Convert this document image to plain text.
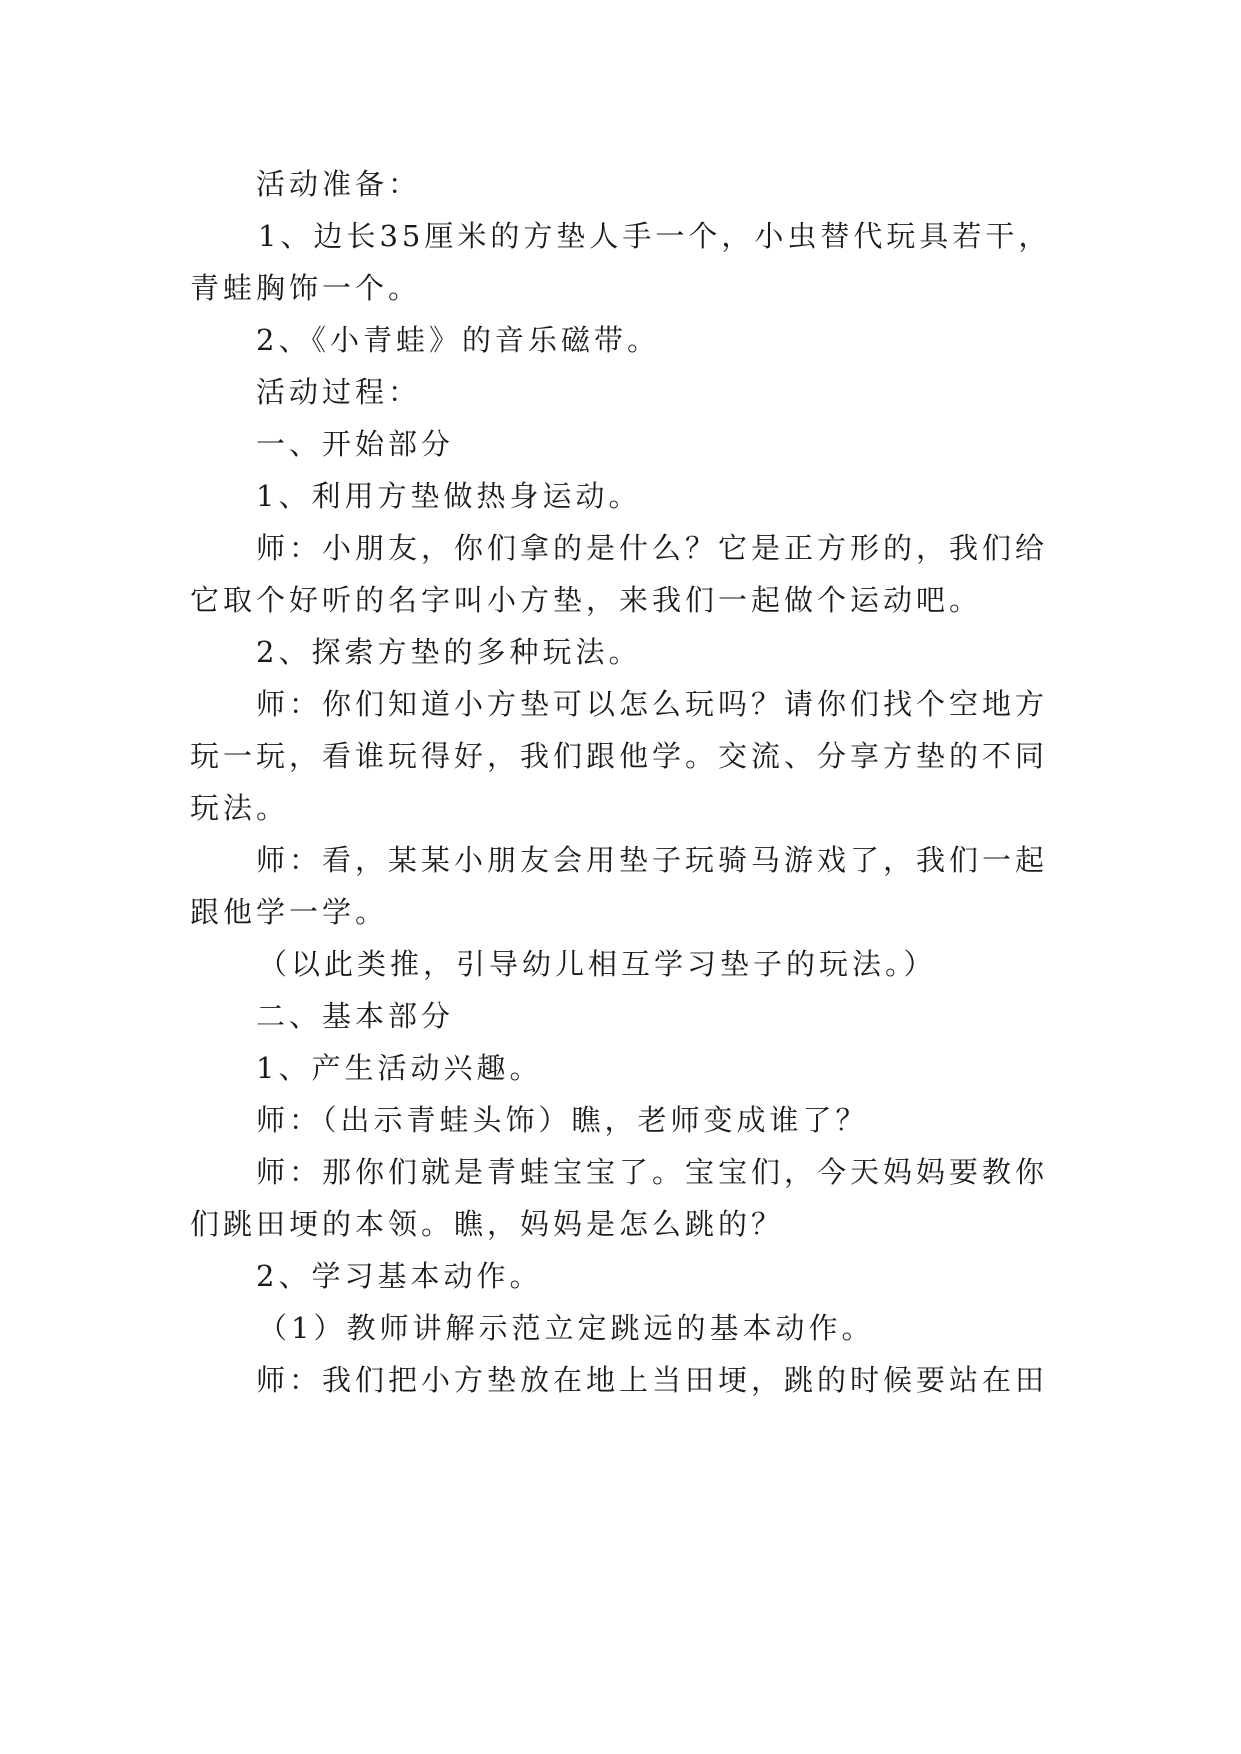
活动准备：
1、边长35厘米的方垫人手一个，小虫替代玩具若干，
青蛙胸饰一个。
2、《小青蛙》的音乐磁带。
活动过程：
一、开始部分
1、利用方垫做热身运动。
师：小朋友，你们拿的是什么？它是正方形的，我们给
它取个好听的名字叫小方垫，来我们一起做个运动吧。
2、探索方垫的多种玩法。
师：你们知道小方垫可以怎么玩吗？请你们找个空地方
玩一玩，看谁玩得好，我们跟他学。交流、分享方垫的不同
玩法。
师：看，某某小朋友会用垫子玩骑马游戏了，我们一起
跟他学一学。
（以此类推，引导幼儿相互学习垫子的玩法。）
二、基本部分
1、产生活动兴趣。
师：（出示青蛙头饰）瞧，老师变成谁了？
师：那你们就是青蛙宝宝了。宝宝们，今天妈妈要教你
们跳田埂的本领。瞧，妈妈是怎么跳的？
2、学习基本动作。
（1）教师讲解示范立定跳远的基本动作。
师：我们把小方垫放在地上当田埂，跳的时候要站在田
